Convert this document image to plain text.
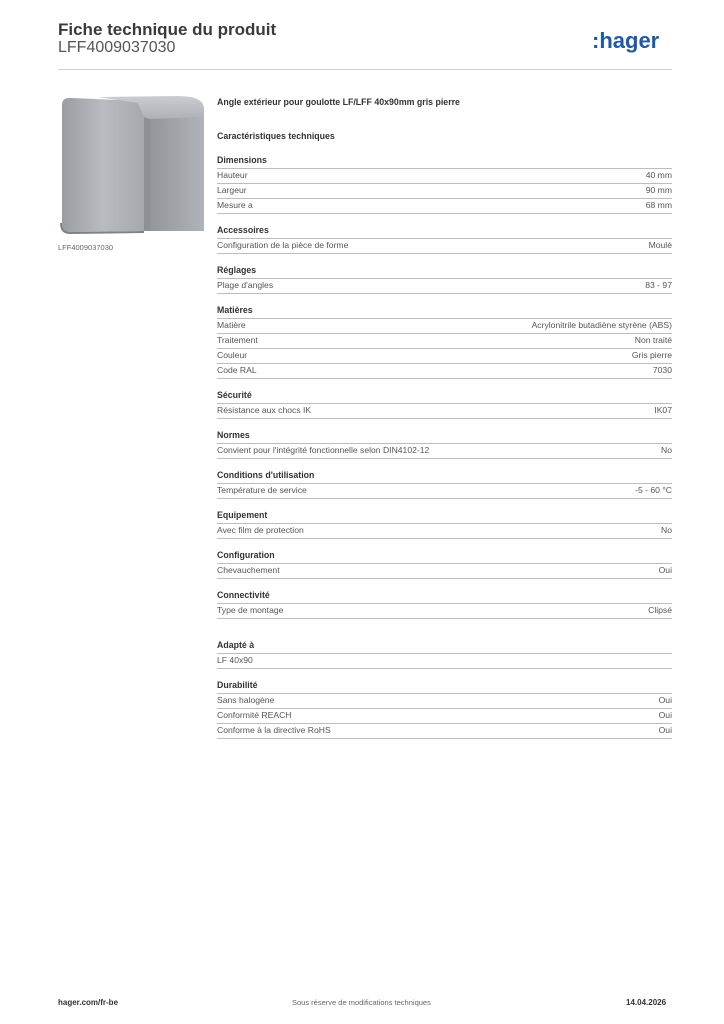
Fiche technique du produit
LFF4009037030	:hager
LFF4009037030
Angle extérieur pour goulotte LF/LFF 40x90mm gris pierre
Caractéristiques techniques
Dimensions
Hauteur	40 mm
Largeur	90 mm
Mesure a	68 mm
Accessoires
Configuration de la pièce de forme	Moulé
Réglages
Plage d'angles	83 - 97
Matières
Matière	Acrylonitrile butadiène styrène (ABS)
Traitement	Non traité
Couleur	Gris pierre
Code RAL	7030
Sécurité
Résistance aux chocs IK	IK07
Normes
Convient pour l'intégrité fonctionnelle selon DIN4102-12	No
Conditions d'utilisation
Température de service	-5 - 60 °C
Equipement
Avec film de protection	No
Configuration
Chevauchement	Oui
Connectivité
Type de montage	Clipsé
Adapté à
LF 40x90
Durabilité
Sans halogène	Oui
Conformité REACH	Oui
Conforme à la directive RoHS	Oui
hager.com/fr-be	Sous réserve de modifications techniques	14.04.2026
